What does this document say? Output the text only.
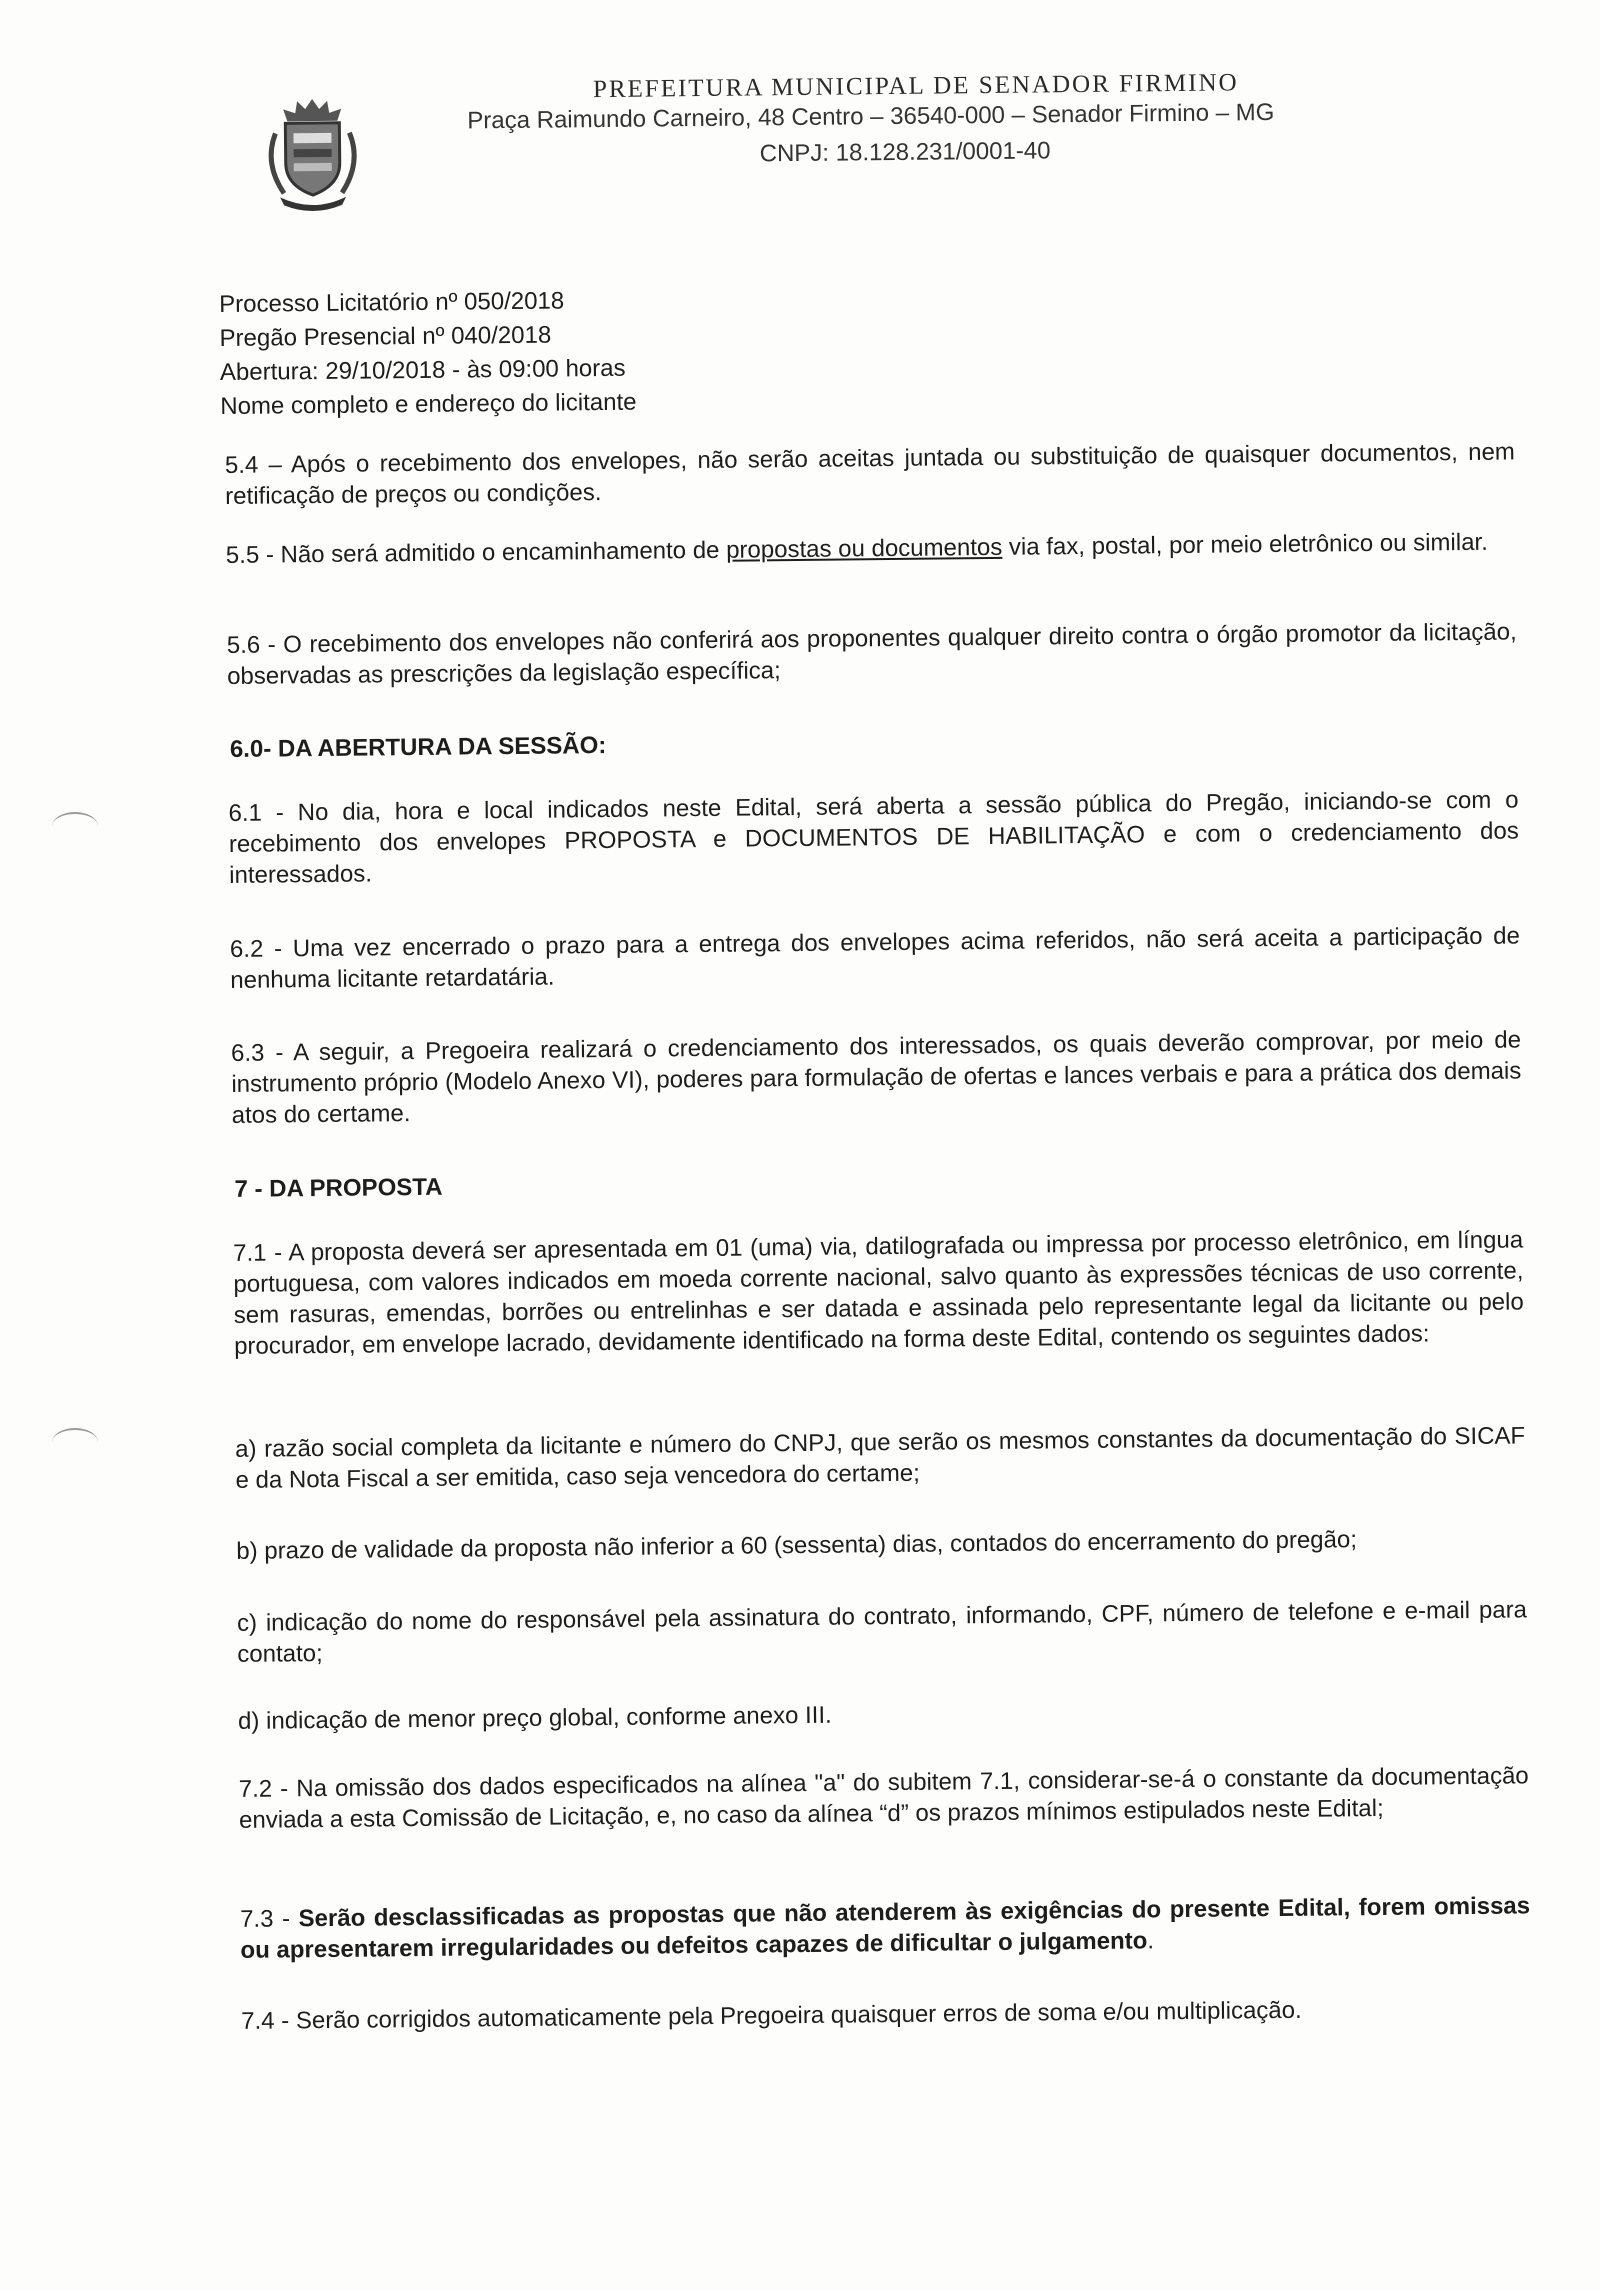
PREFEITURA MUNICIPAL DE SENADOR FIRMINO
Praça Raimundo Carneiro, 48 Centro – 36540-000 – Senador Firmino – MG
CNPJ: 18.128.231/0001-40
Processo Licitatório nº 050/2018
Pregão Presencial nº 040/2018
Abertura: 29/10/2018 - às 09:00 horas
Nome completo e endereço do licitante
5.4 – Após o recebimento dos envelopes, não serão aceitas juntada ou substituição de quaisquer documentos, nem retificação de preços ou condições.
5.5 - Não será admitido o encaminhamento de propostas ou documentos via fax, postal, por meio eletrônico ou similar.
5.6 - O recebimento dos envelopes não conferirá aos proponentes qualquer direito contra o órgão promotor da licitação, observadas as prescrições da legislação específica;
6.0- DA ABERTURA DA SESSÃO:
6.1 - No dia, hora e local indicados neste Edital, será aberta a sessão pública do Pregão, iniciando-se com o recebimento dos envelopes PROPOSTA e DOCUMENTOS DE HABILITAÇÃO e com o credenciamento dos interessados.
6.2 - Uma vez encerrado o prazo para a entrega dos envelopes acima referidos, não será aceita a participação de nenhuma licitante retardatária.
6.3 - A seguir, a Pregoeira realizará o credenciamento dos interessados, os quais deverão comprovar, por meio de instrumento próprio (Modelo Anexo VI), poderes para formulação de ofertas e lances verbais e para a prática dos demais atos do certame.
7 - DA PROPOSTA
7.1 - A proposta deverá ser apresentada em 01 (uma) via, datilografada ou impressa por processo eletrônico, em língua portuguesa, com valores indicados em moeda corrente nacional, salvo quanto às expressões técnicas de uso corrente, sem rasuras, emendas, borrões ou entrelinhas e ser datada e assinada pelo representante legal da licitante ou pelo procurador, em envelope lacrado, devidamente identificado na forma deste Edital, contendo os seguintes dados:
a) razão social completa da licitante e número do CNPJ, que serão os mesmos constantes da documentação do SICAF e da Nota Fiscal a ser emitida, caso seja vencedora do certame;
b) prazo de validade da proposta não inferior a 60 (sessenta) dias, contados do encerramento do pregão;
c) indicação do nome do responsável pela assinatura do contrato, informando, CPF, número de telefone e e-mail para contato;
d) indicação de menor preço global, conforme anexo III.
7.2 - Na omissão dos dados especificados na alínea "a" do subitem 7.1, considerar-se-á o constante da documentação enviada a esta Comissão de Licitação, e, no caso da alínea “d” os prazos mínimos estipulados neste Edital;
7.3 - Serão desclassificadas as propostas que não atenderem às exigências do presente Edital, forem omissas ou apresentarem irregularidades ou defeitos capazes de dificultar o julgamento.
7.4 - Serão corrigidos automaticamente pela Pregoeira quaisquer erros de soma e/ou multiplicação.
